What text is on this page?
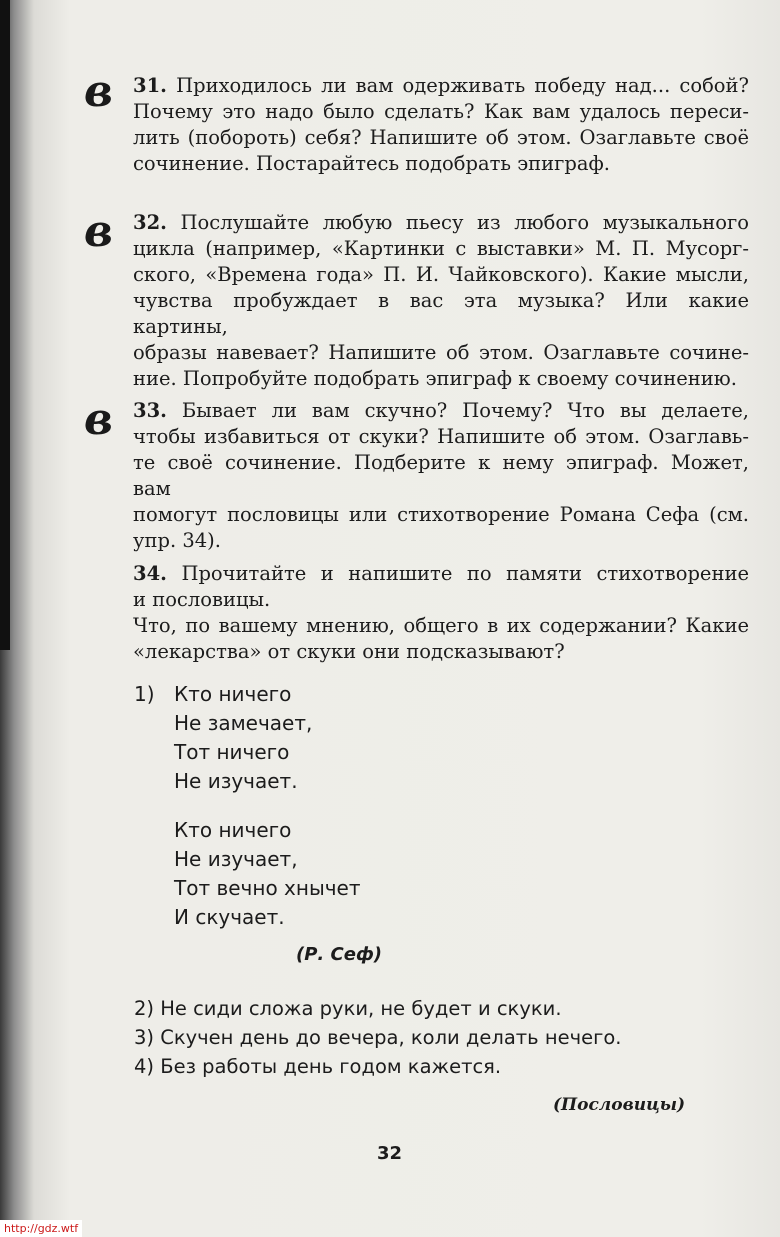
в 31. Приходилось ли вам одерживать победу над... собой?
Почему это надо было сделать? Как вам удалось переси-
лить (побороть) себя? Напишите об этом. Озаглавьте своё
сочинение. Постарайтесь подобрать эпиграф.
в 32. Послушайте любую пьесу из любого музыкального
цикла (например, «Картинки с выставки» М. П. Мусорг-
ского, «Времена года» П. И. Чайковского). Какие мысли,
чувства пробуждает в вас эта музыка? Или какие картины,
образы навевает? Напишите об этом. Озаглавьте сочине-
ние. Попробуйте подобрать эпиграф к своему сочинению.
в 33. Бывает ли вам скучно? Почему? Что вы делаете,
чтобы избавиться от скуки? Напишите об этом. Озаглавь-
те своё сочинение. Подберите к нему эпиграф. Может, вам
помогут пословицы или стихотворение Романа Сефа (см.
упр. 34).
34. Прочитайте и напишите по памяти стихотворение
и пословицы.
Что, по вашему мнению, общего в их содержании? Какие
«лекарства» от скуки они подсказывают?
1) Кто ничего
Не замечает,
Тот ничего
Не изучает.
Кто ничего
Не изучает,
Тот вечно хнычет
И скучает.
(Р. Сеф)
2) Не сиди сложа руки, не будет и скуки.
3) Скучен день до вечера, коли делать нечего.
4) Без работы день годом кажется.
(Пословицы)
32
http://gdz.wtf
